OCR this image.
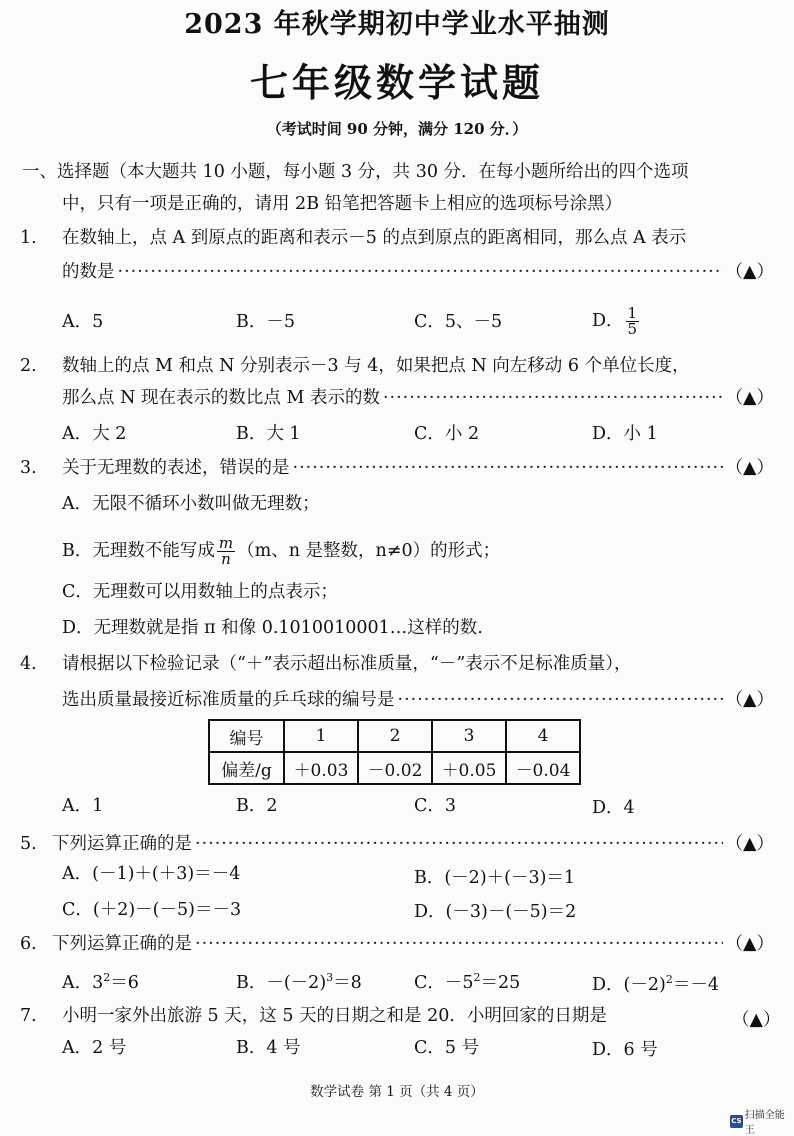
2023 年秋学期初中学业水平抽测
七年级数学试题
（考试时间 90 分钟，满分 120 分．）
一、选择题（本大题共 10 小题，每小题 3 分，共 30 分．在每小题所给出的四个选项
中，只有一项是正确的，请用 2B 铅笔把答题卡上相应的选项标号涂黑）
1. 在数轴上，点 A 到原点的距离和表示－5 的点到原点的距离相同，那么点 A 表示
的数是 ·····	（▲）
A．5	B．－5	C．5、－5	D． $\frac{1}{5}$
2. 数轴上的点 M 和点 N 分别表示－3 与 4，如果把点 N 向左移动 6 个单位长度，
那么点 N 现在表示的数比点 M 表示的数 ·····	（▲）
A．大 2	B．大 1	C．小 2	D．小 1
3.	关于无理数的表述，错误的是 ·····	（▲）
A．无限不循环小数叫做无理数；
B．无理数不能写成 $\frac{m}{n} (m$、n 是整数，n≠0）的形式；
C．无理数可以用数轴上的点表示；
D．无理数就是指 π 和像 0.1010010001…这样的数.
4. 请根据以下检验记录（“＋”表示超出标准质量，“－”表示不足标准质量），
选出质量最接近标准质量的乒乓球的编号是 ·····	（▲）
编号	1	2	3	4
偏差/g	＋0.03	－0.02	＋0.05	－0.04
A．1	B．2	C．3	D．4
5. 下列运算正确的是 ·····	（▲）
A．(－1)＋(＋3)＝－4	B．(－2)＋(－3)＝1
C．(＋2)－(－5)＝－3	D．(－3)－(－5)＝2
6. 下列运算正确的是 ·····	（▲）
A．$3^2=6$	B．$-(-2)^3=8$	C．$-5^2=25$	D．$(-2)^2=-4$
7. 小明一家外出旅游 5 天，这 5 天的日期之和是 20．小明回家的日期是	（▲）
A．2 号	B．4 号	C．5 号	D．6 号
数学试卷 第 1 页（共 4 页）
CS 扫描全能王
